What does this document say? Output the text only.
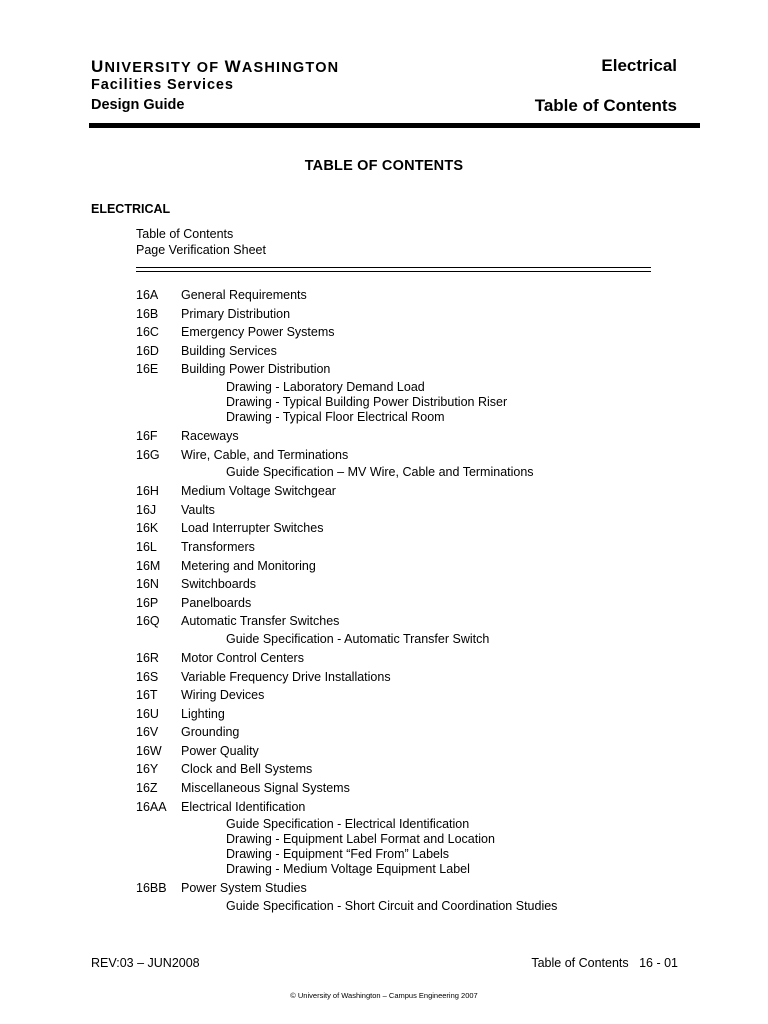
UNIVERSITY OF WASHINGTON
Facilities Services
Design Guide
Electrical
Table of Contents
TABLE OF CONTENTS
ELECTRICAL
Table of Contents
Page Verification Sheet
16A General Requirements
16B Primary Distribution
16C Emergency Power Systems
16D Building Services
16E Building Power Distribution
Drawing - Laboratory Demand Load
Drawing - Typical Building Power Distribution Riser
Drawing - Typical Floor Electrical Room
16F Raceways
16G Wire, Cable, and Terminations
Guide Specification – MV Wire, Cable and Terminations
16H Medium Voltage Switchgear
16J Vaults
16K Load Interrupter Switches
16L Transformers
16M Metering and Monitoring
16N Switchboards
16P Panelboards
16Q Automatic Transfer Switches
Guide Specification - Automatic Transfer Switch
16R Motor Control Centers
16S Variable Frequency Drive Installations
16T Wiring Devices
16U Lighting
16V Grounding
16W Power Quality
16Y Clock and Bell Systems
16Z Miscellaneous Signal Systems
16AA Electrical Identification
Guide Specification - Electrical Identification
Drawing - Equipment Label Format and Location
Drawing - Equipment “Fed From” Labels
Drawing - Medium Voltage Equipment Label
16BB Power System Studies
Guide Specification - Short Circuit and Coordination Studies
REV:03 – JUN2008	Table of Contents 16 - 01
© University of Washington – Campus Engineering 2007
